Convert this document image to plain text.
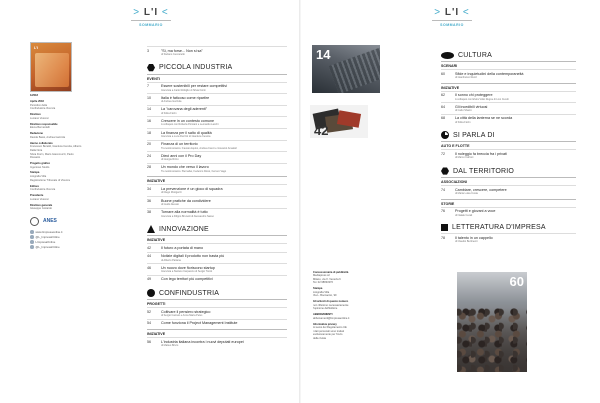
> L'I <
SOMMARIO
L'I
1/2018
Aprile 2018
Periodico della
Confindustria Vicenza
Direttore
Luciano Vescovi
Direttore responsabile
Elena Bernardelli
Redazione
Davide Bassi, Andrea Gazzola
Hanno collaborato
Francesco Beraldi, Gianluca Ceretta, Alberto Dalla Nora
Silvia Fiorin, Mario Giacomuzzi, Paolo Rossetto
Progetto grafico
Ingenioso Studio
Stampa
Litografia Villa
Registrazione Tribunale di Vicenza
Editore
Confindustria Vicenza
Presidente
Luciano Vescovi
Direttore generale
Giuseppe Gottardo
ANES
www.limpresaonline.it
@L_ImpresaOnline
LImpresaOnline
@L_ImpresaOnline
3	"Si, ma forse... Non si sa"
di Stefano Ceccarello
PICCOLA INDUSTRIA
EVENTI
7	Essere sostenibili per restare competitivi
Intervista a Carlo Robiglio di Silvia Fiorin
10	Italia è faticoso come ripartire
di Andrea Gazzola
14	La "carovana degli aderenti"
di Silvia Fiorin
16	Crescere in un contesto comune
A colloquio con Roberta Porsiani e Leonardo Lacchi
18	La finanza per il salto di qualità
Intervista a Luca Ruzzini di Gianluca Ceretta
20	Finanza di un territorio
Tra testimonianze: Fausto Aquino, Andrea Canci e Giovanni Amadori
24	Dieci anni con il Pro Day
di Giorgia Rizzo
28	Un mondo che verso il lavoro
Tre testimonianze: Bernabei, Federico Rossi, Ferrero Vago
INIZIATIVE
34	La prevenzione è un gioco di squadra
di Diego Morigazzi
36	Buone pratiche da condividere
di Guido Alessio
38	Tornare alla normalità è tutto
Intervista a Filippo Brunetti di Alessandro Sasso
INNOVAZIONE
INIZIATIVE
42	Il futuro a portata di mano
44	Notizie digitali il prodotto non basta più
di Alberto Pattana
46	Un nuovo dove fioriscono startup
Intervista a Stefano Carpaccio di Sergio Tonini
49	Con lego territori più competitivi
CONFINDUSTRIA
PROGETTI
52	Coltivare il pensiero strategico
di Sergio Carraro e Anna Maria Pelus
54	Come funziona il Project Management Institute
INIZIATIVE
56	L'industria italiana incontra i nuovi deputati europei
di Matteo Brivio
> L'I <
SOMMARIO
14
42
60
Concessionaria di pubblicità
Mediapress srl
Milano, via X. Venezia 6
Tel. 02 68833376
Stampa
Litografia Villa
Via L. Boccaccio, 99
Gli articoli di questo numero
non riflettono necessariamente
l'opinione dell'Editore
ABBONAMENTI
abbonamenti@limpresaonline.it
Informativa privacy
Ai sensi del Regolamento UE
i dati personali sono trattati
esclusivamente per l'invio
della rivista
CULTURA
SCENARI
60	Sfide e inquietudini della contemporaneità
di Gianfranco Renzi
INIZIATIVE
62	Il sonno chi proteggere
A colloquio con Elvira Volto Regne di Lino Cucoli
64	Gli incedibili virtuosi
di Carlo Sbarro
68	La città della lanterna se ne scorda
di Silvia Fiorin
SI PARLA DI
AUTO E FLOTTE
72	Il noleggio fa breccia fra i privati
di Marco Cafroni
DAL TERRITORIO
ASSOCIAZIONI
74	Cambiare, crescere, competere
di Maria Luisa Costa
STORIE
76	Progetti e giovani a voce
di Natale Cerati
LETTERATURA D'IMPRESA
78	Il talento in un cappello
di Claudio Bertinenti
